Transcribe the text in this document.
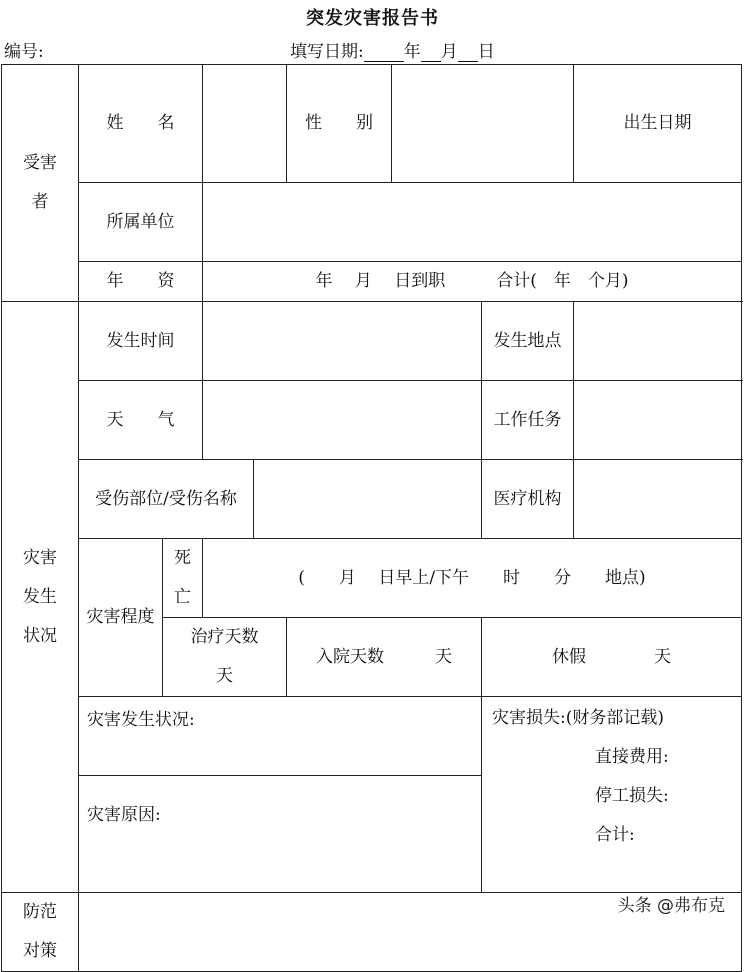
突发灾害报告书
编号:	填写日期: 年 月 日
受害者	姓　　名				性　　别			出生日期	
	所属单位			
	年　　资		年　 月　 日到职　　　合计(　年　个月)						
灾害发生状况	发生时间						发生地点		
	天　　气						工作任务		
	受伤部位/受伤名称						医疗机构		
	灾害程度	死亡	(　　月　 日早上/下午　　时　　分　　地点)						
		治疗天数　　天			入院天数　　　天		休假　　　　天		
	灾害发生状况:						灾害损失:(财务部记载)
直接费用:
停工损失:
合计:		

	灾害原因:								
防范对策									
头条 @弗布克
